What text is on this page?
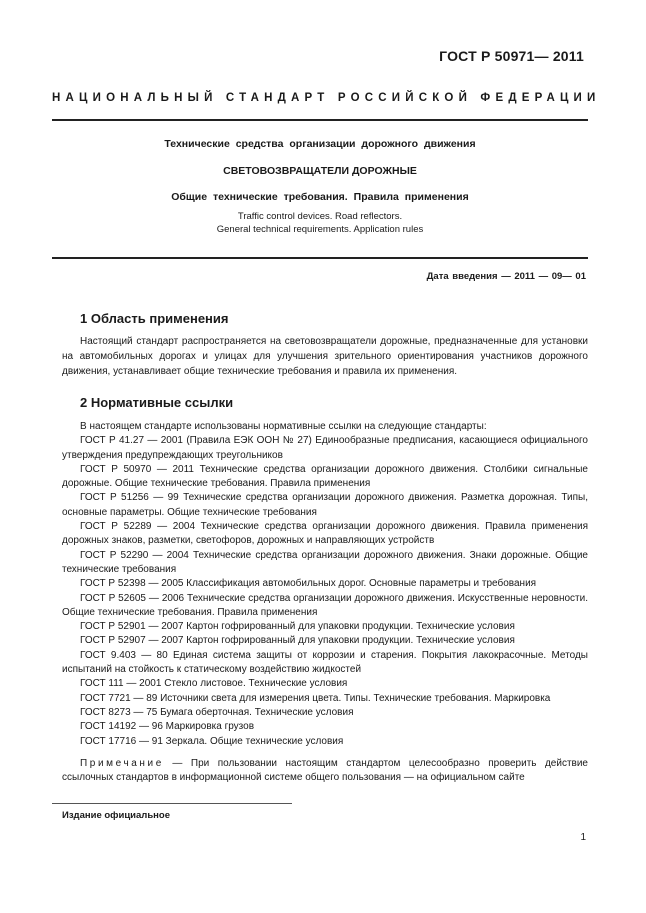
ГОСТ Р 50971— 2011
НАЦИОНАЛЬНЫЙ СТАНДАРТ РОССИЙСКОЙ ФЕДЕРАЦИИ
Технические средства организации дорожного движения
СВЕТОВОЗВРАЩАТЕЛИ ДОРОЖНЫЕ
Общие технические требования. Правила применения
Traffic control devices. Road reflectors.
General technical requirements. Application rules
Дата введения — 2011 — 09— 01
1 Область применения

Настоящий стандарт распространяется на световозвращатели дорожные, предназначенные для установки на автомобильных дорогах и улицах для улучшения зрительного ориентирования участников дорожного движения, устанавливает общие технические требования и правила их применения.

2 Нормативные ссылки

В настоящем стандарте использованы нормативные ссылки на следующие стандарты:

ГОСТ Р 41.27 — 2001 (Правила ЕЭК ООН № 27) Единообразные предписания, касающиеся официального утверждения предупреждающих треугольников

ГОСТ Р 50970 — 2011 Технические средства организации дорожного движения. Столбики сигнальные дорожные. Общие технические требования. Правила применения

ГОСТ Р 51256 — 99 Технические средства организации дорожного движения. Разметка дорожная. Типы, основные параметры. Общие технические требования

ГОСТ Р 52289 — 2004 Технические средства организации дорожного движения. Правила применения дорожных знаков, разметки, светофоров, дорожных и направляющих устройств

ГОСТ Р 52290 — 2004 Технические средства организации дорожного движения. Знаки дорожные. Общие технические требования

ГОСТ Р 52398 — 2005 Классификация автомобильных дорог. Основные параметры и требования

ГОСТ Р 52605 — 2006 Технические средства организации дорожного движения. Искусственные неровности. Общие технические требования. Правила применения

ГОСТ Р 52901 — 2007 Картон гофрированный для упаковки продукции. Технические условия

ГОСТ Р 52907 — 2007 Картон гофрированный для упаковки продукции. Технические условия

ГОСТ 9.403 — 80 Единая система защиты от коррозии и старения. Покрытия лакокрасочные. Методы испытаний на стойкость к статическому воздействию жидкостей

ГОСТ 111 — 2001 Стекло листовое. Технические условия

ГОСТ 7721 — 89 Источники света для измерения цвета. Типы. Технические требования. Маркировка

ГОСТ 8273 — 75 Бумага оберточная. Технические условия

ГОСТ 14192 — 96 Маркировка грузов

ГОСТ 17716 — 91 Зеркала. Общие технические условия

Примечание — При пользовании настоящим стандартом целесообразно проверить действие ссылочных стандартов в информационной системе общего пользования — на официальном сайте
Издание официальное
1
